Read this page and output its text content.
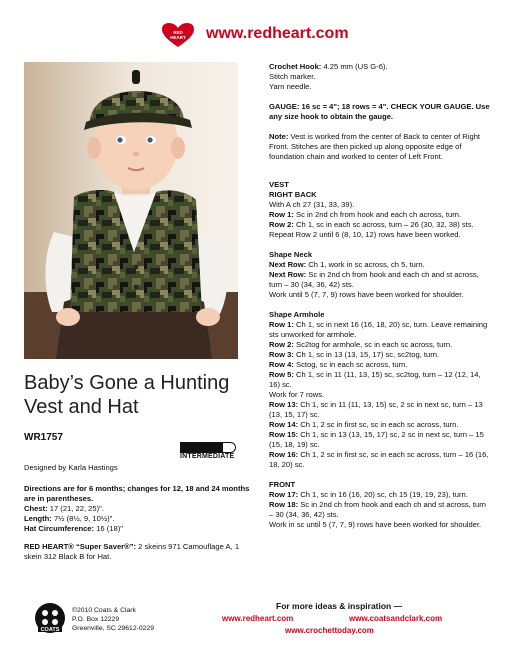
RED
HEART www.redheart.com
Baby’s Gone a Hunting Vest and Hat
WR1757
INTERMEDIATE
Designed by Karla Hastings
Directions are for 6 months; changes for 12, 18 and 24 months are in parentheses.
Chest: 17 (21, 22, 25)".
Length: 7½ (8½, 9, 10½)".
Hat Circumference: 16 (18)"
RED HEART® “Super Saver®”: 2 skeins 971 Camouflage A, 1 skein 312 Black B for Hat.

Crochet Hook: 4.25 mm (US G-6).

Stitch marker.

Yarn needle.

GAUGE: 16 sc = 4"; 18 rows = 4". CHECK YOUR GAUGE. Use any size hook to obtain the gauge.

Note: Vest is worked from the center of Back to center of Right Front. Stitches are then picked up along opposite edge of foundation chain and worked to center of Left Front.

VEST

RIGHT BACK

With A ch 27 (31, 33, 39).

Row 1: Sc in 2nd ch from hook and each ch across, turn.

Row 2: Ch 1, sc in each sc across, turn – 26 (30, 32, 38) sts.

Repeat Row 2 until 6 (8, 10, 12) rows have been worked.

Shape Neck

Next Row: Ch 1, work in sc across, ch 5, turn.

Next Row: Sc in 2nd ch from hook and each ch and st across, turn – 30 (34, 36, 42) sts.

Work until 5 (7, 7, 9) rows have been worked for shoulder.

Shape Armhole

Row 1: Ch 1, sc in next 16 (16, 18, 20) sc, turn. Leave remaining sts unworked for armhole.

Row 2: Sc2tog for armhole, sc in each sc across, turn.

Row 3: Ch 1, sc in 13 (13, 15, 17) sc, sc2tog, turn.

Row 4: Sctog, sc in each sc across, turn.

Row 5: Ch 1, sc in 11 (11, 13, 15) sc, sc2tog, turn – 12 (12, 14, 16) sc.

Work for 7 rows.

Row 13: Ch 1, sc in 11 (11, 13, 15) sc, 2 sc in next sc, turn – 13 (13, 15, 17) sc.

Row 14: Ch 1, 2 sc in first sc, sc in each sc across, turn.

Row 15: Ch 1, sc in 13 (13, 15, 17) sc, 2 sc in next sc, turn – 15 (15, 18, 19) sc.

Row 16: Ch 1, 2 sc in first sc, sc in each sc across, turn – 16 (16, 18, 20) sc.

FRONT

Row 17: Ch 1, sc in 16 (16, 20) sc, ch 15 (19, 19, 23), turn.

Row 18: Sc in 2nd ch from hook and each ch and st across, turn – 30 (34, 36, 42) sts.

Work in sc until 5 (7, 7, 9) rows have been worked for shoulder.

COATS
©2010 Coats & Clark
P.O. Box 12229
Greenville, SC 29612-0229
For more ideas & inspiration —
www.redheart.com	www.coatsandclark.com
www.crochettoday.com
